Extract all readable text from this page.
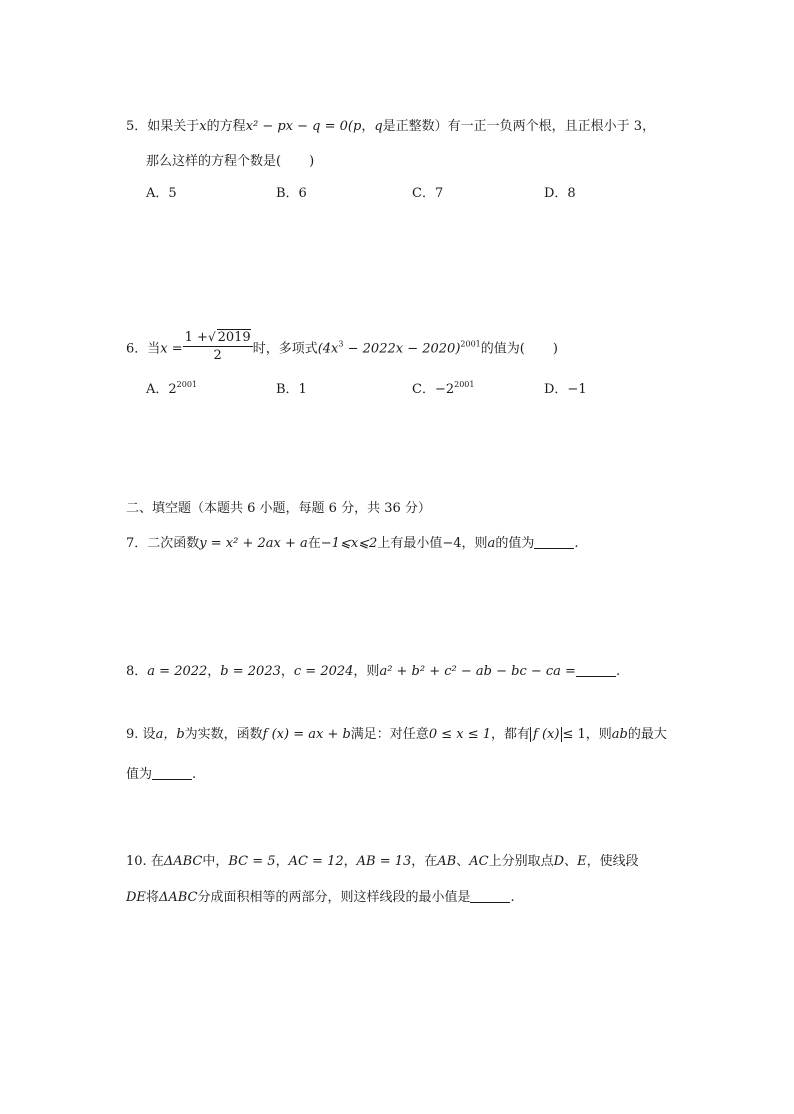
5．如果关于x的方程x² − px − q = 0(p，q是正整数）有一正一负两个根，且正根小于 3，
那么这样的方程个数是( )
A．5	B．6	C．7	D．8
6．当$x = \frac{1 +√ 2019}{2}$ 时，多项式$(4x^3 - 2022x - 2020)^{2001}$的值为( )
A．$2^{2001}$	B．1	C．$-2^{2001}$	D．−1
二、填空题（本题共 6 小题，每题 6 分，共 36 分）
7．二次函数y = x² + 2ax + a在−1⩽x⩽2上有最小值−4，则a的值为	.
8．a = 2022，b = 2023，c = 2024，则a² + b² + c² − ab − bc − ca =	.
9. 设a，b为实数，函数f (x) = ax + b满足：对任意0 ≤ x ≤ 1，都有 f (x) ≤ 1，则ab的最大
值为	.
10. 在ΔABC中，BC = 5，AC = 12，AB = 13，在AB、AC上分别取点D、E，使线段
DE将ΔABC分成面积相等的两部分，则这样线段的最小值是	.
